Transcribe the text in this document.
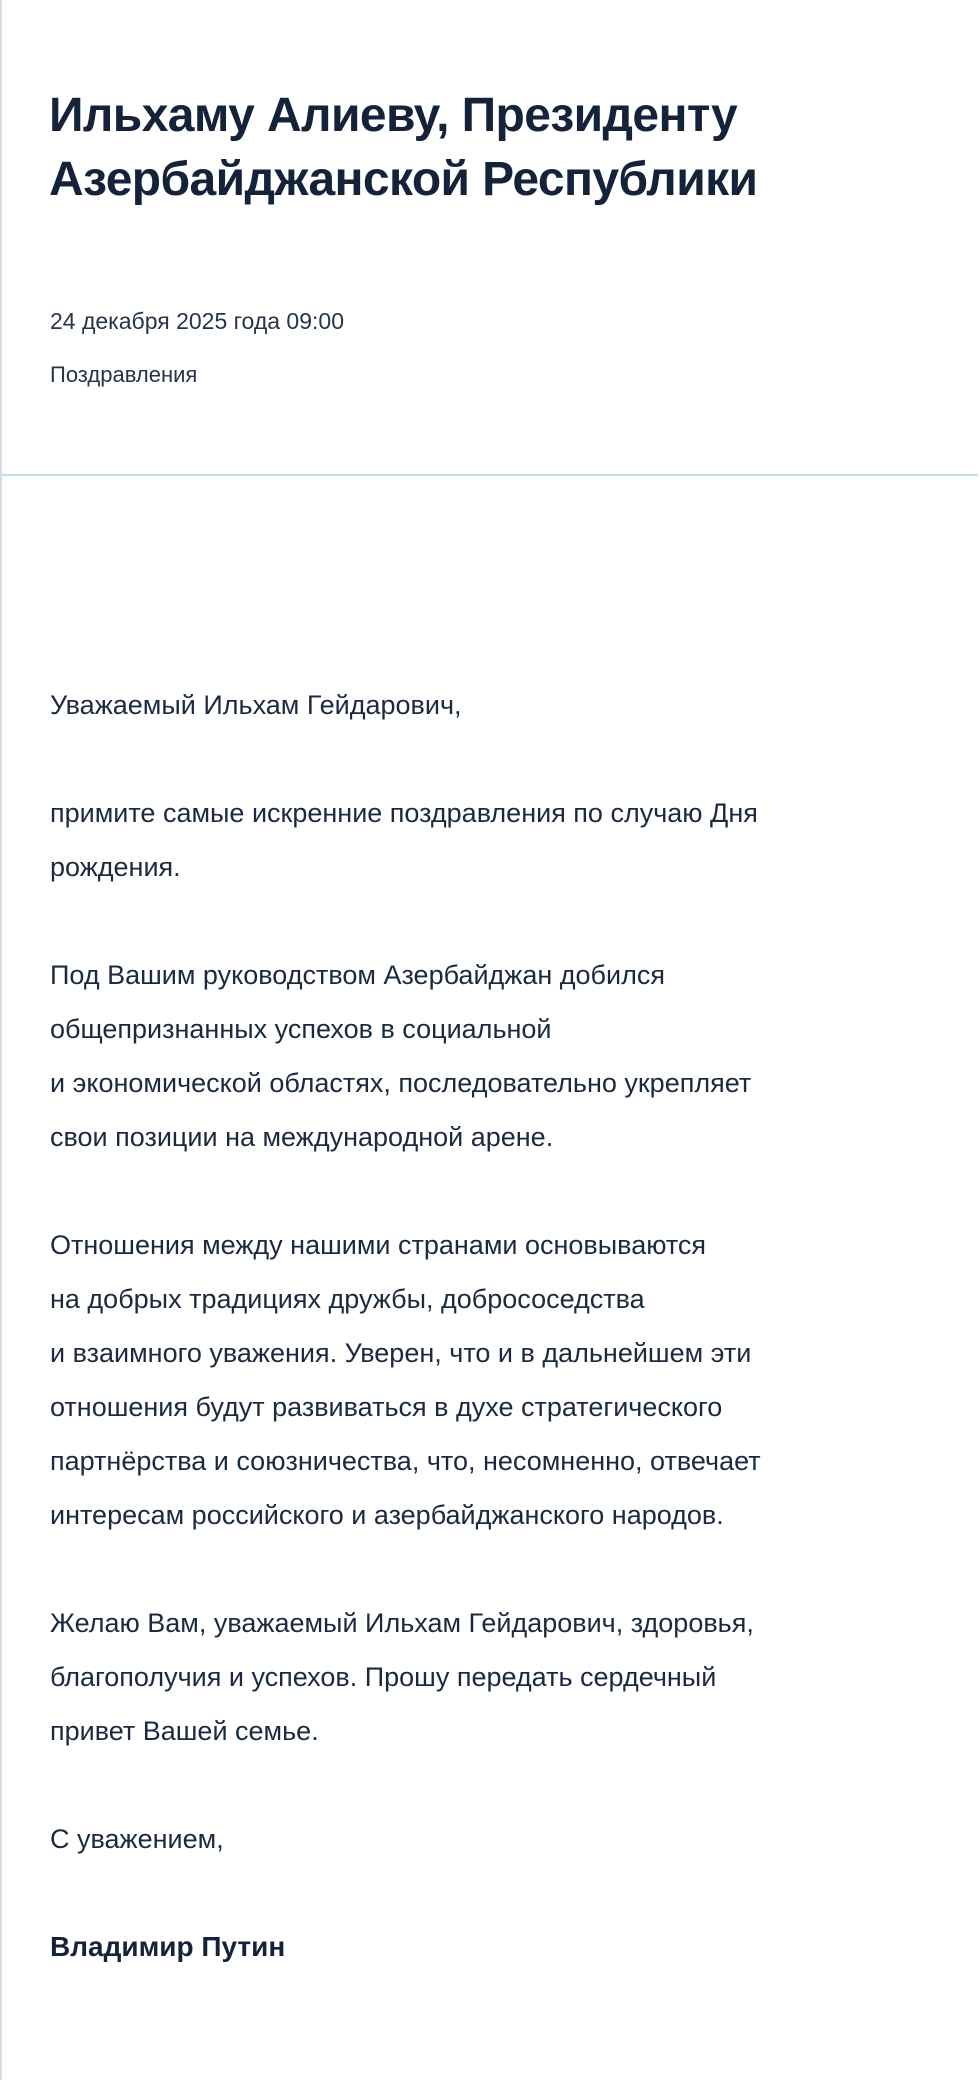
Ильхаму Алиеву, Президенту
Азербайджанской Республики
24 декабря 2025 года 09:00
Поздравления

Уважаемый Ильхам Гейдарович,

примите самые искренние поздравления по случаю Дня
рождения.

Под Вашим руководством Азербайджан добился
общепризнанных успехов в социальной
и экономической областях, последовательно укрепляет
свои позиции на международной арене.

Отношения между нашими странами основываются
на добрых традициях дружбы, добрососедства
и взаимного уважения. Уверен, что и в дальнейшем эти
отношения будут развиваться в духе стратегического
партнёрства и союзничества, что, несомненно, отвечает
интересам российского и азербайджанского народов.

Желаю Вам, уважаемый Ильхам Гейдарович, здоровья,
благополучия и успехов. Прошу передать сердечный
привет Вашей семье.

С уважением,

Владимир Путин
